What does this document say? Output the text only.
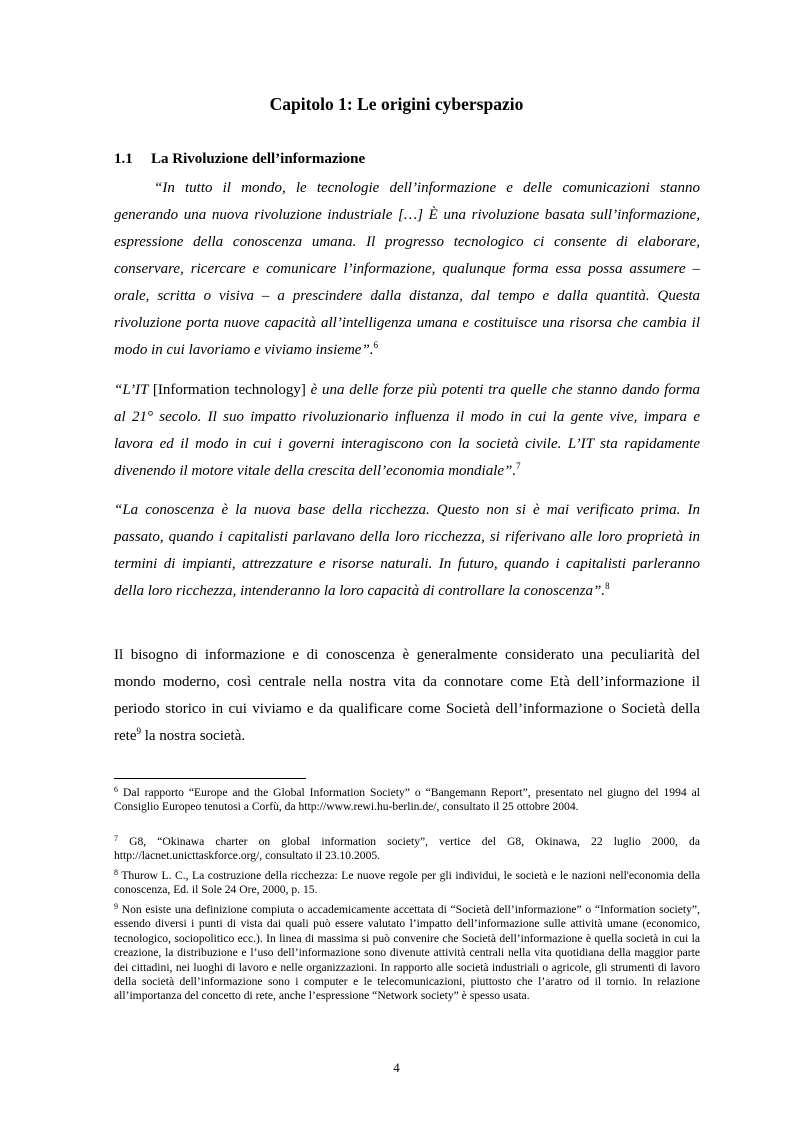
Capitolo 1: Le origini cyberspazio
1.1 La Rivoluzione dell’informazione

“In tutto il mondo, le tecnologie dell’informazione e delle comunicazioni stanno generando una nuova rivoluzione industriale […] È una rivoluzione basata sull’informazione, espressione della conoscenza umana. Il progresso tecnologico ci consente di elaborare, conservare, ricercare e comunicare l’informazione, qualunque forma essa possa assumere – orale, scritta o visiva – a prescindere dalla distanza, dal tempo e dalla quantità. Questa rivoluzione porta nuove capacità all’intelligenza umana e costituisce una risorsa che cambia il modo in cui lavoriamo e viviamo insieme”.$^6$

“L’IT [Information technology] è una delle forze più potenti tra quelle che stanno dando forma al 21° secolo. Il suo impatto rivoluzionario influenza il modo in cui la gente vive, impara e lavora ed il modo in cui i governi interagiscono con la società civile. L’IT sta rapidamente divenendo il motore vitale della crescita dell’economia mondiale”.$^7$

“La conoscenza è la nuova base della ricchezza. Questo non si è mai verificato prima. In passato, quando i capitalisti parlavano della loro ricchezza, si riferivano alle loro proprietà in termini di impianti, attrezzature e risorse naturali. In futuro, quando i capitalisti parleranno della loro ricchezza, intenderanno la loro capacità di controllare la conoscenza”.$^8$

Il bisogno di informazione e di conoscenza è generalmente considerato una peculiarità del mondo moderno, così centrale nella nostra vita da connotare come Età dell’informazione il periodo storico in cui viviamo e da qualificare come Società dell’informazione o Società della rete$^9$ la nostra società.

$^6$ Dal rapporto “Europe and the Global Information Society” o “Bangemann Report”, presentato nel giugno del 1994 al Consiglio Europeo tenutosi a Corfù, da http://www.rewi.hu-berlin.de/, consultato il 25 ottobre 2004.

$^7$ G8, “Okinawa charter on global information society”, vertice del G8, Okinawa, 22 luglio 2000, da http://lacnet.unicttaskforce.org/, consultato il 23.10.2005.

$^8$ Thurow L. C., La costruzione della ricchezza: Le nuove regole per gli individui, le società e le nazioni nell'economia della conoscenza, Ed. il Sole 24 Ore, 2000, p. 15.

$^9$ Non esiste una definizione compiuta o accademicamente accettata di “Società dell’informazione” o “Information society”, essendo diversi i punti di vista dai quali può essere valutato l’impatto dell’informazione sulle attività umane (economico, tecnologico, sociopolitico ecc.). In linea di massima si può convenire che Società dell’informazione è quella società in cui la creazione, la distribuzione e l’uso dell’informazione sono divenute attività centrali nella vita quotidiana della maggior parte dei cittadini, nei luoghi di lavoro e nelle organizzazioni. In rapporto alle società industriali o agricole, gli strumenti di lavoro della società dell’informazione sono i computer e le telecomunicazioni, piuttosto che l’aratro od il tornio. In relazione all’importanza del concetto di rete, anche l’espressione “Network society” è spesso usata.

4
